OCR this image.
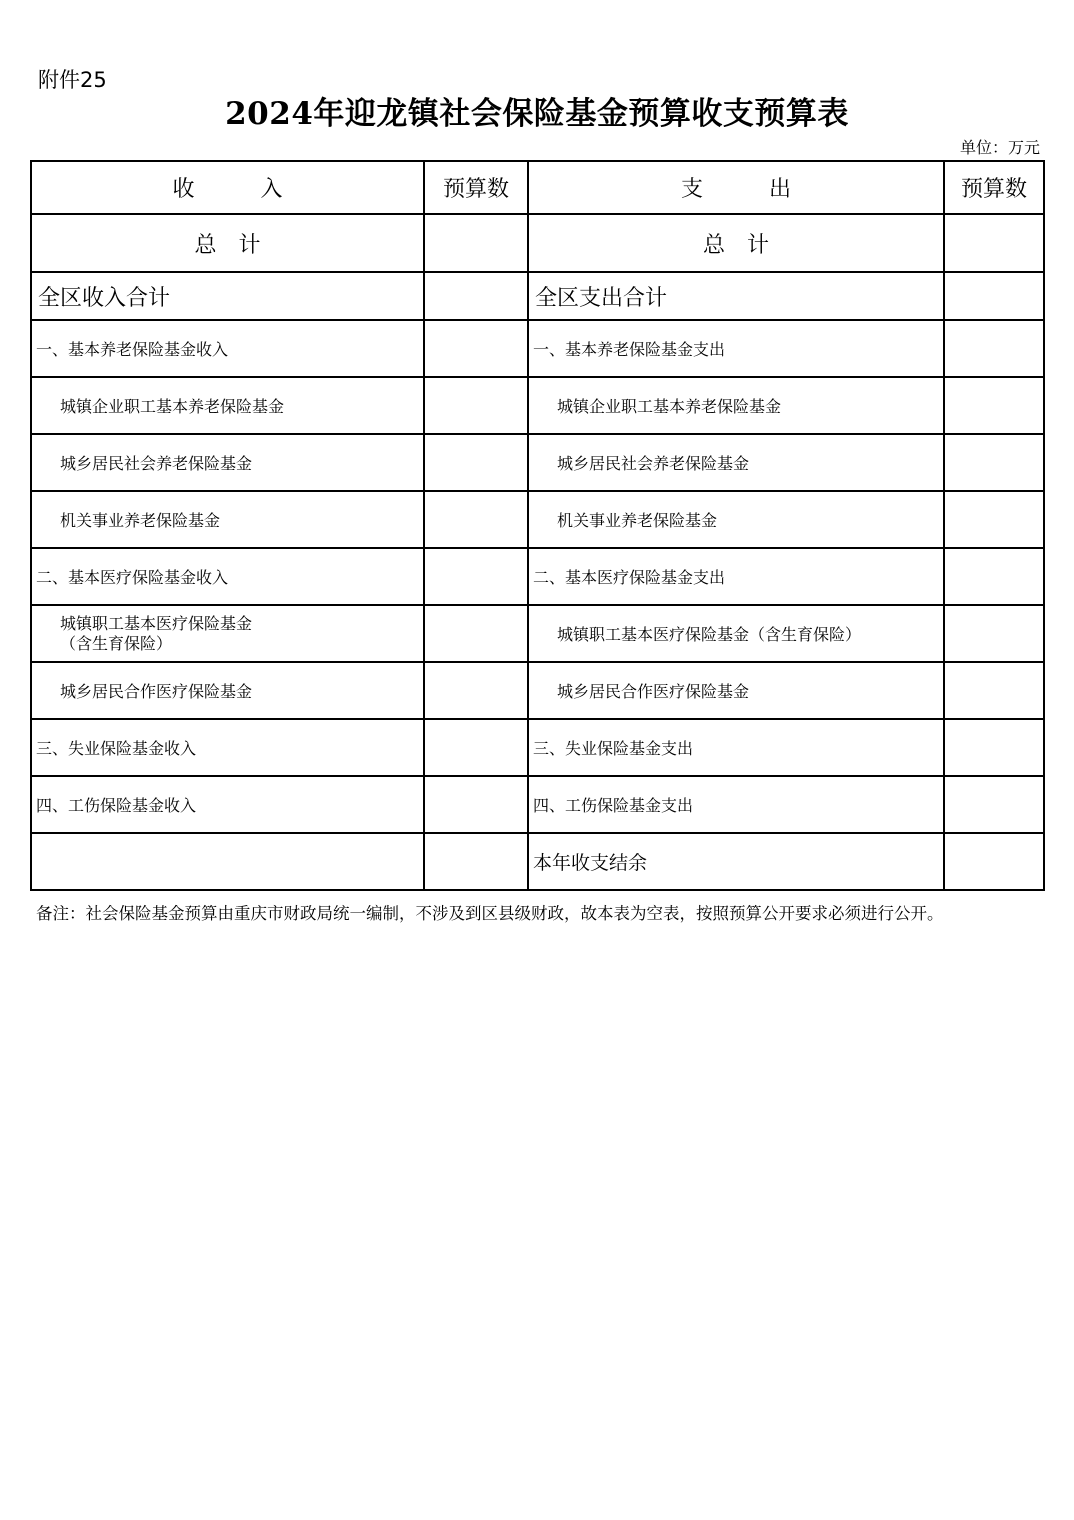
附件25
2024年迎龙镇社会保险基金预算收支预算表
单位：万元
收　　　入	预算数	支　　　出	预算数
总　计		总　计	
全区收入合计		全区支出合计	
一、基本养老保险基金收入		一、基本养老保险基金支出	
城镇企业职工基本养老保险基金		城镇企业职工基本养老保险基金	
城乡居民社会养老保险基金		城乡居民社会养老保险基金	
机关事业养老保险基金		机关事业养老保险基金	
二、基本医疗保险基金收入		二、基本医疗保险基金支出	

城镇职工基本医疗保险基金
（含生育保险）		城镇职工基本医疗保险基金（含生育保险）	
城乡居民合作医疗保险基金		城乡居民合作医疗保险基金	
三、失业保险基金收入		三、失业保险基金支出	
四、工伤保险基金收入		四、工伤保险基金支出	
		本年收支结余	
备注：社会保险基金预算由重庆市财政局统一编制，不涉及到区县级财政，故本表为空表，按照预算公开要求必须进行公开。
